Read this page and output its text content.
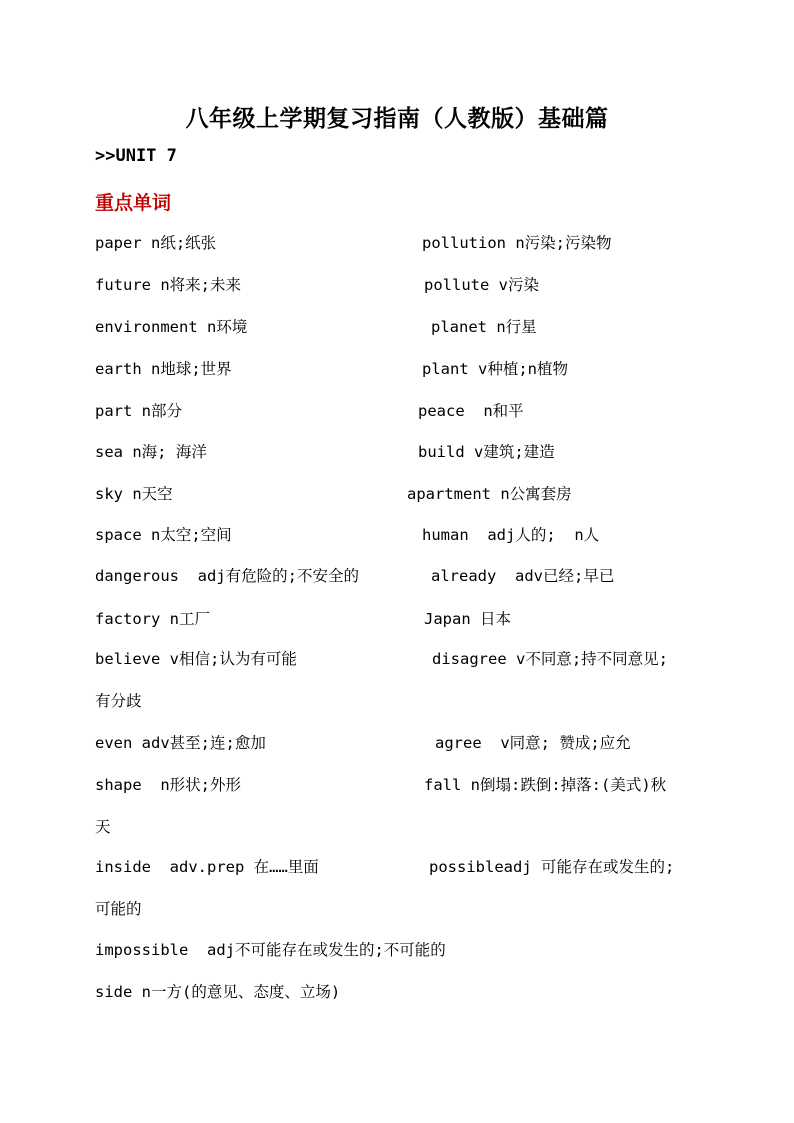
八年级上学期复习指南（人教版）基础篇
>>UNIT 7
重点单词
paper n纸;纸张	pollution n污染;污染物
future n将来;未来	pollute v污染
environment n环境	planet n行星
earth n地球;世界	plant v种植;n植物
part n部分	peace  n和平
sea n海; 海洋	build v建筑;建造
sky n天空	apartment n公寓套房
space n太空;空间	human  adj人的;  n人
dangerous  adj有危险的;不安全的	already  adv已经;早已
factory n工厂	Japan 日本
believe v相信;认为有可能	disagree v不同意;持不同意见;
有分歧
even adv甚至;连;愈加	agree  v同意; 赞成;应允
shape  n形状;外形	fall n倒塌:跌倒:掉落:(美式)秋
天
inside  adv.prep 在……里面	possibleadj 可能存在或发生的;
可能的
impossible  adj不可能存在或发生的;不可能的
side n一方(的意见、态度、立场)
